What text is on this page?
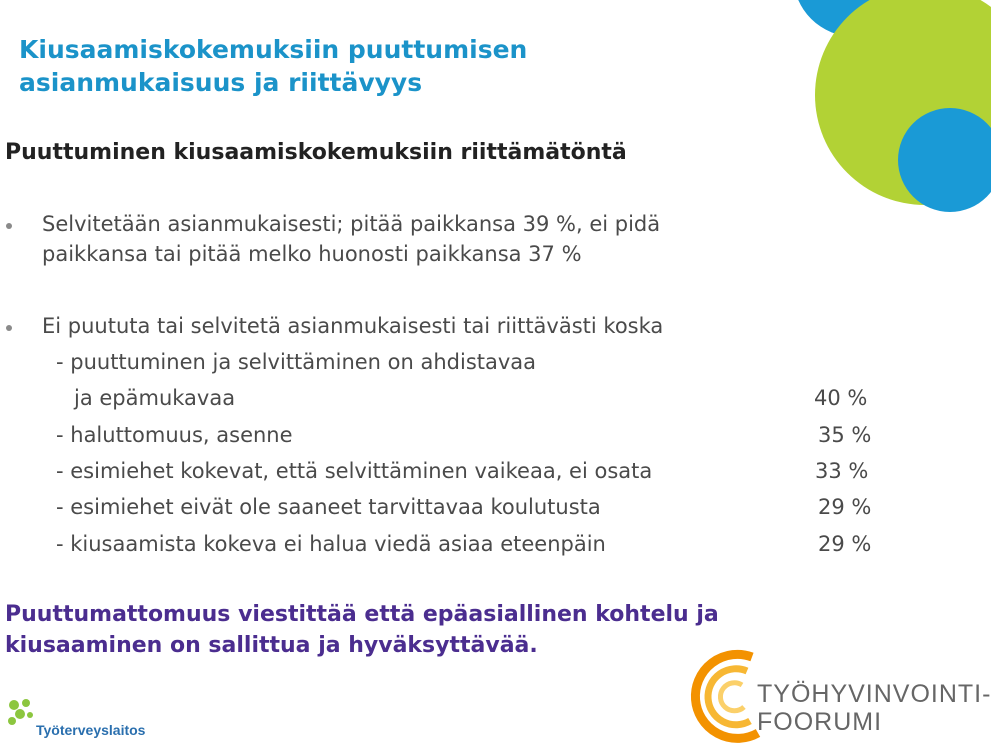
Kiusaamiskokemuksiin puuttumisen
asianmukaisuus ja riittävyys
Puuttuminen kiusaamiskokemuksiin riittämätöntä
Selvitetään asianmukaisesti; pitää paikkansa 39 %, ei pidä
paikkansa tai pitää melko huonosti paikkansa 37 %
Ei puututa tai selvitetä asianmukaisesti tai riittävästi koska
- puuttuminen ja selvittäminen on ahdistavaa
ja epämukavaa	40 %
- haluttomuus, asenne	35 %
- esimiehet kokevat, että selvittäminen vaikeaa, ei osata	33 %
- esimiehet eivät ole saaneet tarvittavaa koulutusta	29 %
- kiusaamista kokeva ei halua viedä asiaa eteenpäin	29 %

Puuttumattomuus viestittää että epäasiallinen kohtelu ja
kiusaaminen on sallittua ja hyväksyttävää.

Työterveyslaitos
TYÖHYVINVOINTI-
FOORUMI
